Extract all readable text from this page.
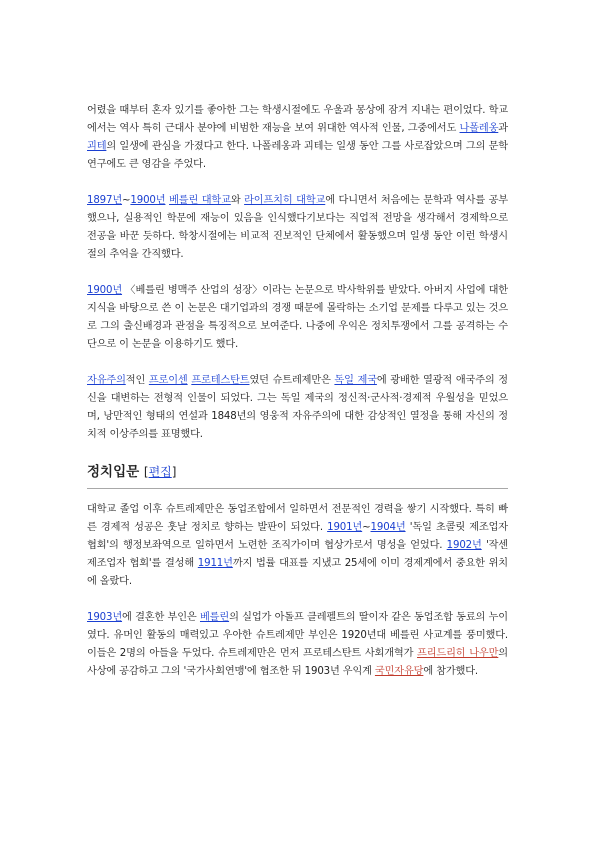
어렸을 때부터 혼자 있기를 좋아한 그는 학생시절에도 우울과 몽상에 잠겨 지내는 편이었다. 학교에서는 역사 특히 근대사 분야에 비범한 재능을 보여 위대한 역사적 인물, 그중에서도 나폴레옹과 괴테의 일생에 관심을 가졌다고 한다. 나폴레옹과 괴테는 일생 동안 그를 사로잡았으며 그의 문학 연구에도 큰 영감을 주었다.

1897년~1900년 베를린 대학교와 라이프치히 대학교에 다니면서 처음에는 문학과 역사를 공부했으나, 실용적인 학문에 재능이 있음을 인식했다기보다는 직업적 전망을 생각해서 경제학으로 전공을 바꾼 듯하다. 학창시절에는 비교적 진보적인 단체에서 활동했으며 일생 동안 이런 학생시절의 추억을 간직했다.

1900년 〈베를린 병맥주 산업의 성장〉이라는 논문으로 박사학위를 받았다. 아버지 사업에 대한 지식을 바탕으로 쓴 이 논문은 대기업과의 경쟁 때문에 몰락하는 소기업 문제를 다루고 있는 것으로 그의 출신배경과 관점을 특징적으로 보여준다. 나중에 우익은 정치투쟁에서 그를 공격하는 수단으로 이 논문을 이용하기도 했다.

자유주의적인 프로이센 프로테스탄트였던 슈트레제만은 독일 제국에 광배한 열광적 애국주의 정신을 대변하는 전형적 인물이 되었다. 그는 독일 제국의 정신적·군사적·경제적 우월성을 믿었으며, 낭만적인 형태의 연설과 1848년의 영웅적 자유주의에 대한 감상적인 열정을 통해 자신의 정치적 이상주의를 표명했다.

정치입문 [편집]

대학교 졸업 이후 슈트레제만은 동업조합에서 일하면서 전문적인 경력을 쌓기 시작했다. 특히 빠른 경제적 성공은 훗날 정치로 향하는 발판이 되었다. 1901년~1904년 '독일 초콜릿 제조업자 협회'의 행정보좌역으로 일하면서 노련한 조직가이며 협상가로서 명성을 얻었다. 1902년 '작센 제조업자 협회'를 결성해 1911년까지 법률 대표를 지냈고 25세에 이미 경제계에서 중요한 위치에 올랐다.

1903년에 결혼한 부인은 베를린의 실업가 아돌프 클레펠트의 딸이자 같은 동업조합 동료의 누이였다. 유머인 활동의 매력있고 우아한 슈트레제만 부인은 1920년대 베를린 사교계를 풍미했다. 이들은 2명의 아들을 두었다. 슈트레제만은 먼저 프로테스탄트 사회개혁가 프리드리히 나우만의 사상에 공감하고 그의 '국가사회연맹'에 협조한 뒤 1903년 우익계 국민자유당에 참가했다.
